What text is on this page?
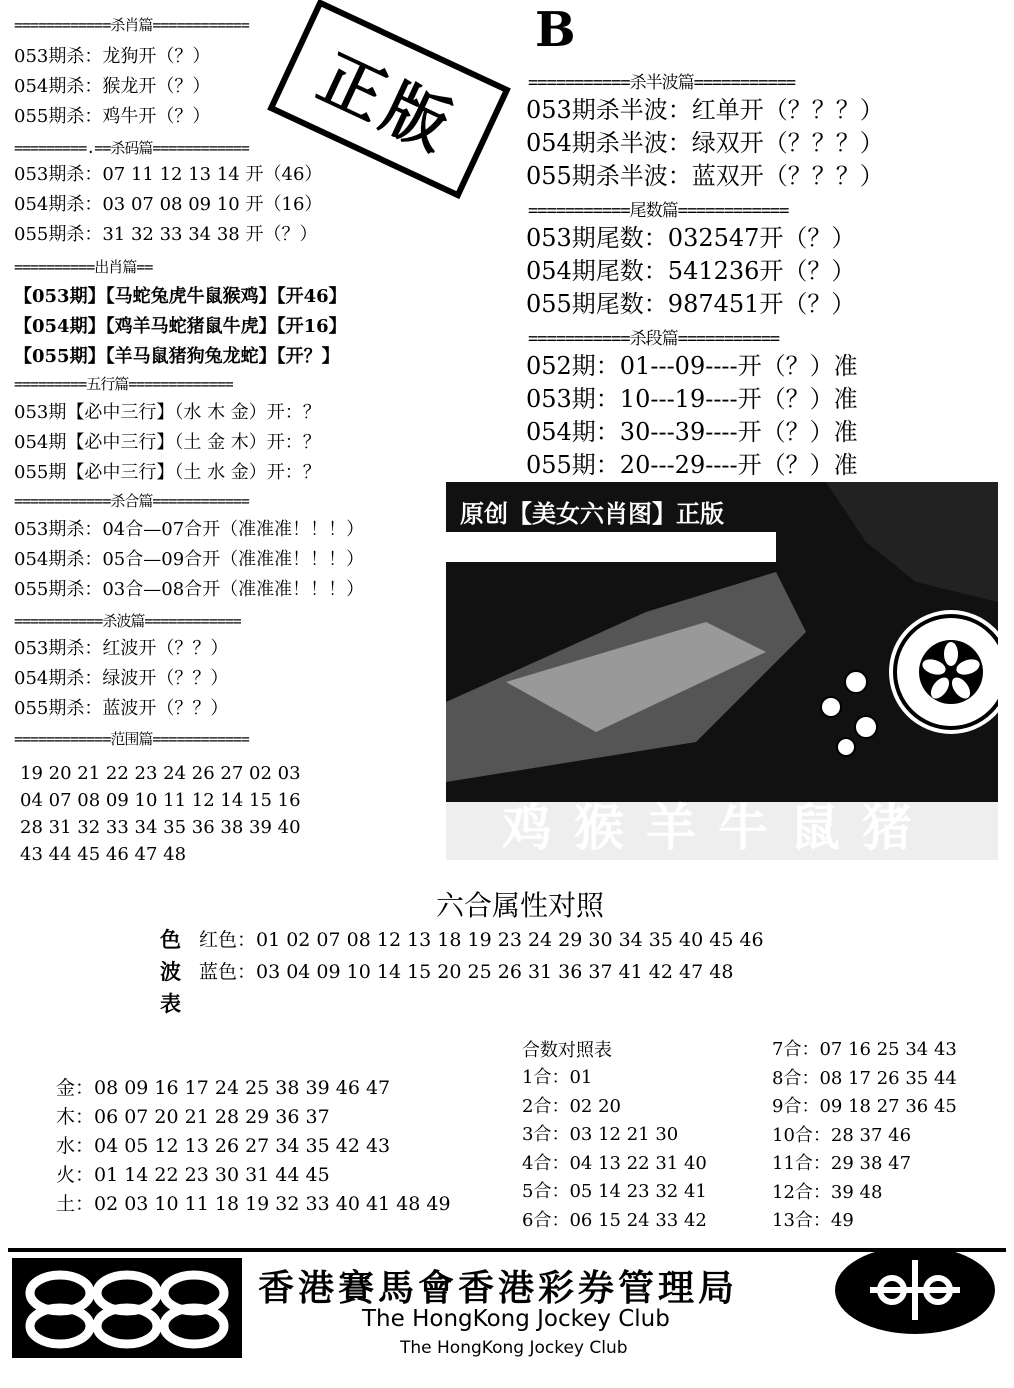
============杀肖篇============
053期杀：龙狗开（？）
054期杀：猴龙开（？）
055期杀：鸡牛开（？）
=========.==杀码篇============
053期杀：07 11 12 13 14 开（46）
054期杀：03 07 08 09 10 开（16）
055期杀：31 32 33 34 38 开（？）
==========出肖篇==
【053期】【马蛇兔虎牛鼠猴鸡】【开46】
【054期】【鸡羊马蛇猪鼠牛虎】【开16】
【055期】【羊马鼠猪狗兔龙蛇】【开？】
=========五行篇=============
053期【必中三行】（水 木 金）开：？
054期【必中三行】（土 金 木）开：？
055期【必中三行】（土 水 金）开：？
============杀合篇============
053期杀：04合—07合开（准准准！！！）
054期杀：05合—09合开（准准准！！！）
055期杀：03合—08合开（准准准！！！）
===========杀波篇============
053期杀：红波开（？？）
054期杀：绿波开（？？）
055期杀：蓝波开（？？）
============范围篇============
19 20 21 22 23 24 26 27 02 03
04 07 08 09 10 11 12 14 15 16
28 31 32 33 34 35 36 38 39 40
43 44 45 46 47 48
正版
B
===========杀半波篇===========
053期杀半波：红单开（？？？）
054期杀半波：绿双开（？？？）
055期杀半波：蓝双开（？？？）
===========尾数篇============
053期尾数：032547开（？）
054期尾数：541236开（？）
055期尾数：987451开（？）
===========杀段篇===========
052期：01---09----开（？）准
053期：10---19----开（？）准
054期：30---39----开（？）准
055期：20---29----开（？）准
原创【美女六肖图】正版
鸡猴羊牛鼠猪
六合属性对照
色
波
表
红色：01 02 07 08 12 13 18 19 23 24 29 30 34 35 40 45 46
蓝色：03 04 09 10 14 15 20 25 26 31 36 37 41 42 47 48
金：08 09 16 17 24 25 38 39 46 47
木：06 07 20 21 28 29 36 37
水：04 05 12 13 26 27 34 35 42 43
火：01 14 22 23 30 31 44 45
土：02 03 10 11 18 19 32 33 40 41 48 49
合数对照表
1合：01
2合：02 20
3合：03 12 21 30
4合：04 13 22 31 40
5合：05 14 23 32 41
6合：06 15 24 33 42
7合：07 16 25 34 43
8合：08 17 26 35 44
9合：09 18 27 36 45
10合：28 37 46
11合：29 38 47
12合：39 48
13合：49
香港賽馬會香港彩券管理局
The HongKong Jockey Club
The HongKong Jockey Club
